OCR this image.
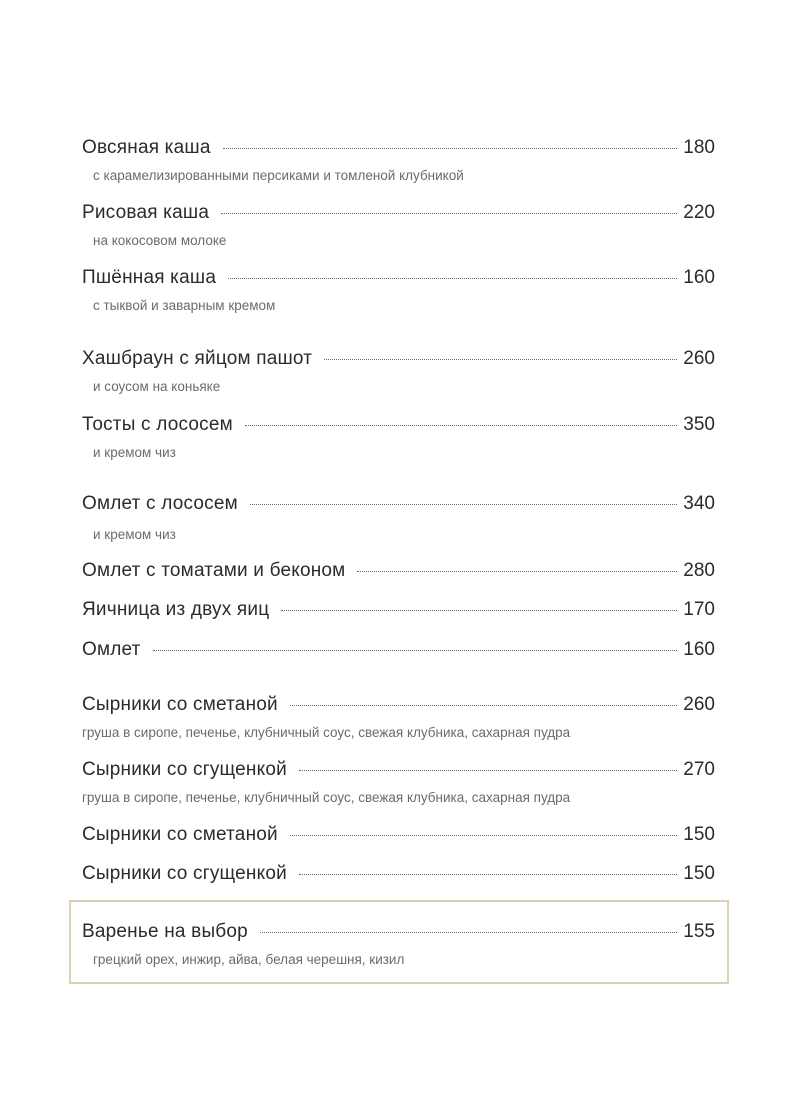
Овсяная каша	180
с карамелизированными персиками и томленой клубникой
Рисовая каша	220
на кокосовом молоке
Пшённая каша	160
с тыквой и заварным кремом
Хашбраун с яйцом пашот	260
и соусом на коньяке
Тосты с лососем	350
и кремом чиз
Омлет с лососем	340
и кремом чиз
Омлет с томатами и беконом	280
Яичница из двух яиц	170
Омлет	160
Сырники со сметаной	260
груша в сиропе, печенье, клубничный соус, свежая клубника, сахарная пудра
Сырники со сгущенкой	270
груша в сиропе, печенье, клубничный соус, свежая клубника, сахарная пудра
Сырники со сметаной	150
Сырники со сгущенкой	150
Варенье на выбор	155
грецкий орех, инжир, айва, белая черешня, кизил
